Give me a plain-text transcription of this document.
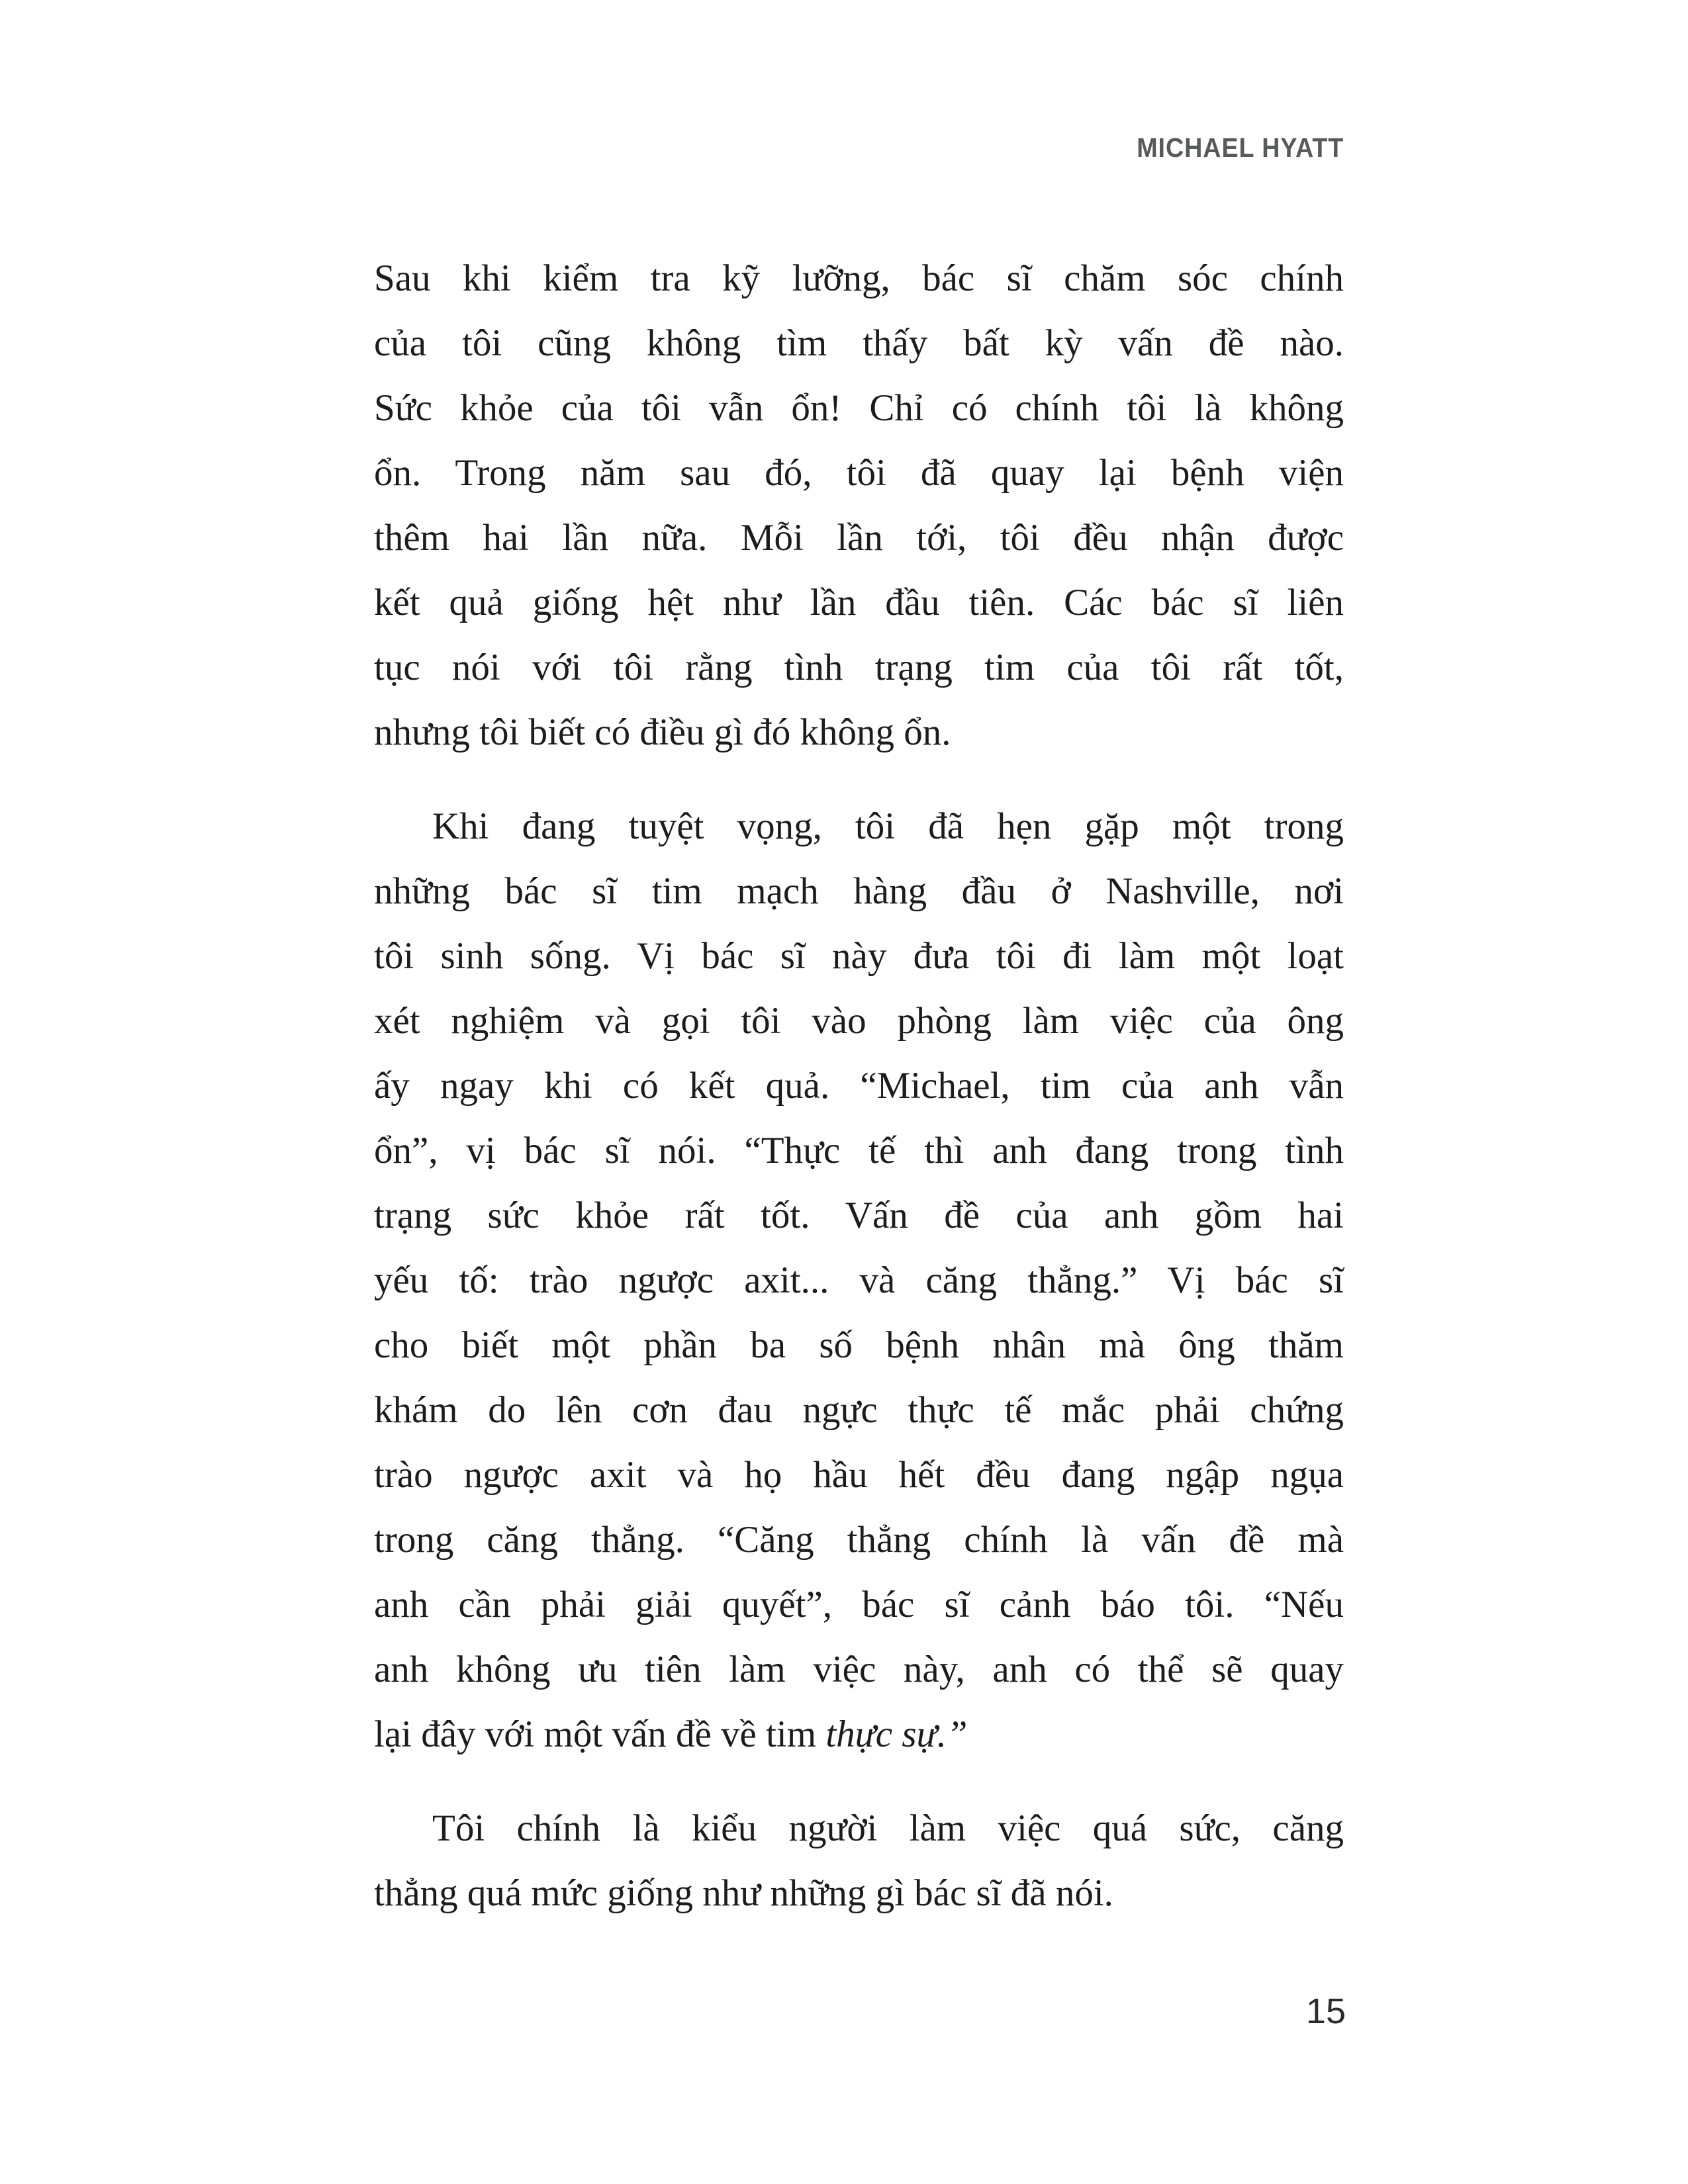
MICHAEL HYATT
Sau khi kiểm tra kỹ lưỡng, bác sĩ chăm sóc chính
của tôi cũng không tìm thấy bất kỳ vấn đề nào.
Sức khỏe của tôi vẫn ổn! Chỉ có chính tôi là không
ổn. Trong năm sau đó, tôi đã quay lại bệnh viện
thêm hai lần nữa. Mỗi lần tới, tôi đều nhận được
kết quả giống hệt như lần đầu tiên. Các bác sĩ liên
tục nói với tôi rằng tình trạng tim của tôi rất tốt,
nhưng tôi biết có điều gì đó không ổn.
Khi đang tuyệt vọng, tôi đã hẹn gặp một trong
những bác sĩ tim mạch hàng đầu ở Nashville, nơi
tôi sinh sống. Vị bác sĩ này đưa tôi đi làm một loạt
xét nghiệm và gọi tôi vào phòng làm việc của ông
ấy ngay khi có kết quả. “Michael, tim của anh vẫn
ổn”, vị bác sĩ nói. “Thực tế thì anh đang trong tình
trạng sức khỏe rất tốt. Vấn đề của anh gồm hai
yếu tố: trào ngược axit... và căng thẳng.” Vị bác sĩ
cho biết một phần ba số bệnh nhân mà ông thăm
khám do lên cơn đau ngực thực tế mắc phải chứng
trào ngược axit và họ hầu hết đều đang ngập ngụa
trong căng thẳng. “Căng thẳng chính là vấn đề mà
anh cần phải giải quyết”, bác sĩ cảnh báo tôi. “Nếu
anh không ưu tiên làm việc này, anh có thể sẽ quay
lại đây với một vấn đề về tim thực sự.”
Tôi chính là kiểu người làm việc quá sức, căng
thẳng quá mức giống như những gì bác sĩ đã nói.
15
